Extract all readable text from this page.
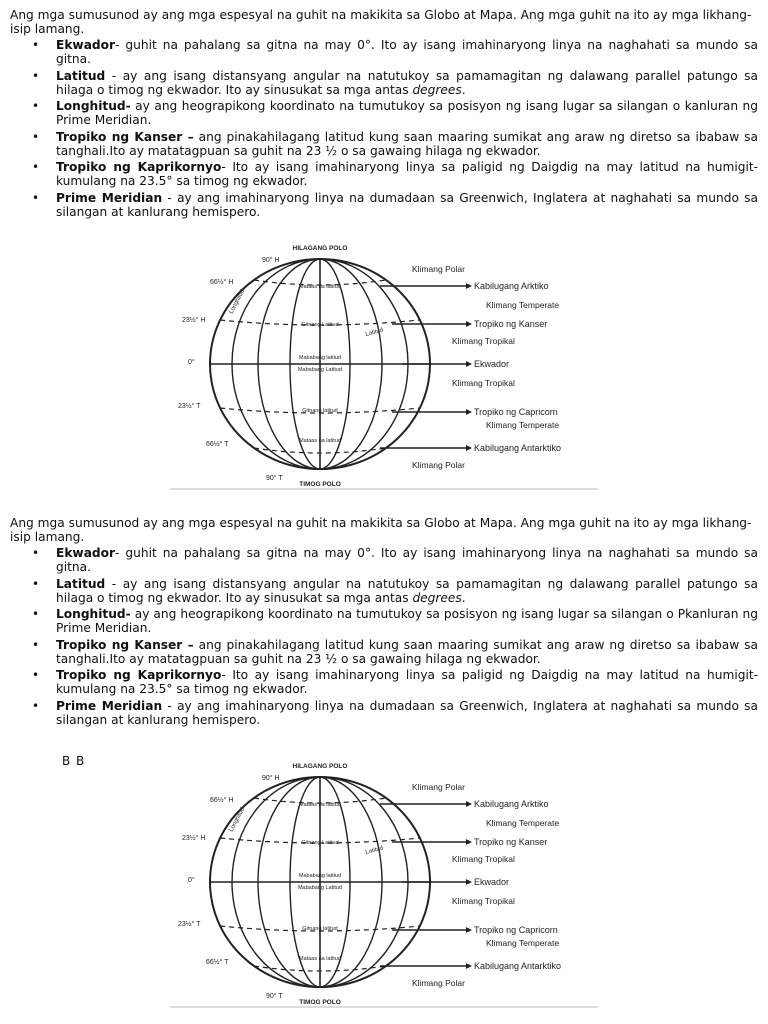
Ang mga sumusunod ay ang mga espesyal na guhit na makikita sa Globo at Mapa. Ang mga guhit na ito ay mga likhang-isip lamang.

• Ekwador- guhit na pahalang sa gitna na may 0°. Ito ay isang imahinaryong linya na naghahati sa mundo sa gitna.
• Latitud - ay ang isang distansyang angular na natutukoy sa pamamagitan ng dalawang parallel patungo sa hilaga o timog ng ekwador. Ito ay sinusukat sa mga antas degrees.
• Longhitud- ay ang heograpikong koordinato na tumutukoy sa posisyon ng isang lugar sa silangan o kanluran ng Prime Meridian.
• Tropiko ng Kanser – ang pinakahilagang latitud kung saan maaring sumikat ang araw ng diretso sa ibabaw sa tanghali.Ito ay matatagpuan sa guhit na 23 ½ o sa gawaing hilaga ng ekwador.
• Tropiko ng Kaprikornyo- Ito ay isang imahinaryong linya sa paligid ng Daigdig na may latitud na humigit-kumulang na 23.5° sa timog ng ekwador.
• Prime Meridian - ay ang imahinaryong linya na dumadaan sa Greenwich, Inglatera at naghahati sa mundo sa silangan at kanlurang hemispero.
HILAGANG POLO
TIMOG POLO
90° H
66½° H
23½° H
0°
23½° T
66½° T
90° T
Mataas na latitud
Gitnang Latitud
Mababang latitud
Mababang Latitud
Gitnang latitud
Mataas na latitud
Longhitud
Latitud
Klimang Polar
Klimang Temperate
Klimang Tropikal
Klimang Tropikal
Klimang Temperate
Klimang Polar
Kabilugang Arktiko
Tropiko ng Kanser
Ekwador
Tropiko ng Capricorn
Kabilugang Antarktiko

Ang mga sumusunod ay ang mga espesyal na guhit na makikita sa Globo at Mapa. Ang mga guhit na ito ay mga likhang-isip lamang.

• Ekwador- guhit na pahalang sa gitna na may 0°. Ito ay isang imahinaryong linya na naghahati sa mundo sa gitna.
• Latitud - ay ang isang distansyang angular na natutukoy sa pamamagitan ng dalawang parallel patungo sa hilaga o timog ng ekwador. Ito ay sinusukat sa mga antas degrees.
• Longhitud- ay ang heograpikong koordinato na tumutukoy sa posisyon ng isang lugar sa silangan o Pkanluran ng Prime Meridian.
• Tropiko ng Kanser – ang pinakahilagang latitud kung saan maaring sumikat ang araw ng diretso sa ibabaw sa tanghali.Ito ay matatagpuan sa guhit na 23 ½ o sa gawaing hilaga ng ekwador.
• Tropiko ng Kaprikornyo- Ito ay isang imahinaryong linya sa paligid ng Daigdig na may latitud na humigit-kumulang na 23.5° sa timog ng ekwador.
• Prime Meridian - ay ang imahinaryong linya na dumadaan sa Greenwich, Inglatera at naghahati sa mundo sa silangan at kanlurang hemispero.
B B	HILAGANG POLO
TIMOG POLO
90° H
66½° H
23½° H
0°
23½° T
66½° T
90° T
Mataas na latitud
Gitnang Latitud
Mababang latitud
Mababang Latitud
Gitnang latitud
Mataas na latitud
Longhitud
Latitud
Klimang Polar
Klimang Temperate
Klimang Tropikal
Klimang Tropikal
Klimang Temperate
Klimang Polar
Kabilugang Arktiko
Tropiko ng Kanser
Ekwador
Tropiko ng Capricorn
Kabilugang Antarktiko
